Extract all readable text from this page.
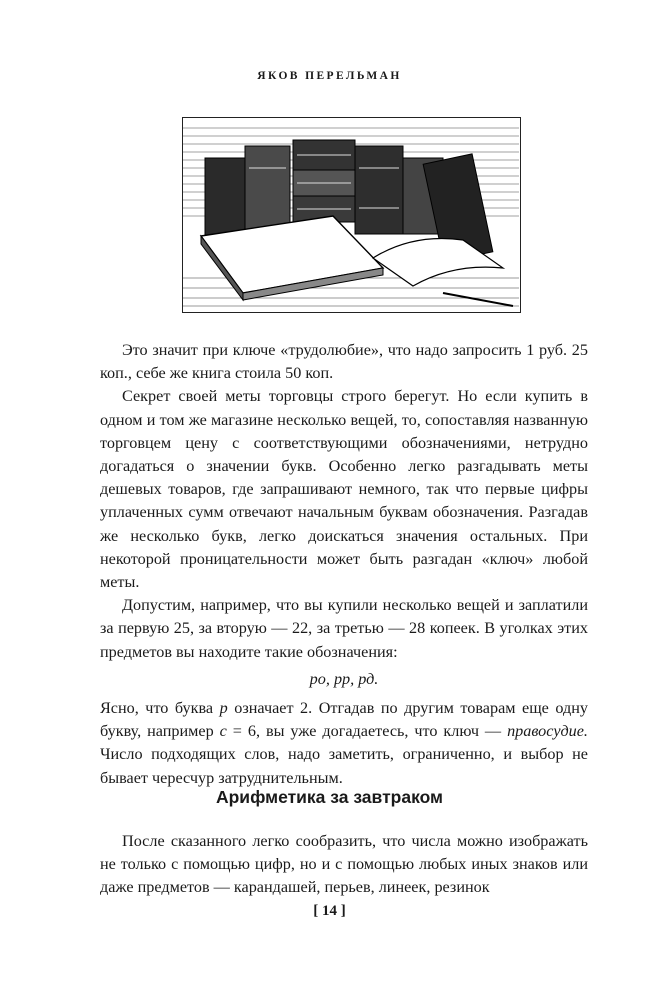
ЯКОВ ПЕРЕЛЬМАН

Это значит при ключе «трудолюбие», что надо запросить 1 руб. 25 коп., себе же книга стоила 50 коп.

Секрет своей меты торговцы строго берегут. Но если купить в одном и том же магазине несколько вещей, то, сопоставляя названную торговцем цену с соответствующими обозначениями, нетрудно догадаться о значении букв. Особенно легко разгадывать меты дешевых товаров, где запрашивают немного, так что первые цифры уплаченных сумм отвечают начальным буквам обозначения. Разгадав же несколько букв, легко доискаться значения остальных. При некоторой проницательности может быть разгадан «ключ» любой меты.

Допустим, например, что вы купили несколько вещей и заплатили за первую 25, за вторую — 22, за третью — 28 копеек. В уголках этих предметов вы находите такие обозначения:

ро, рр, рд.

Ясно, что буква р означает 2. Отгадав по другим товарам еще одну букву, например с = 6, вы уже догадаетесь, что ключ — правосудие. Число подходящих слов, надо заметить, ограниченно, и выбор не бывает чересчур затруднительным.

Арифметика за завтраком

После сказанного легко сообразить, что числа можно изображать не только с помощью цифр, но и с помощью любых иных знаков или даже предметов — карандашей, перьев, линеек, резинок

[ 14 ]
